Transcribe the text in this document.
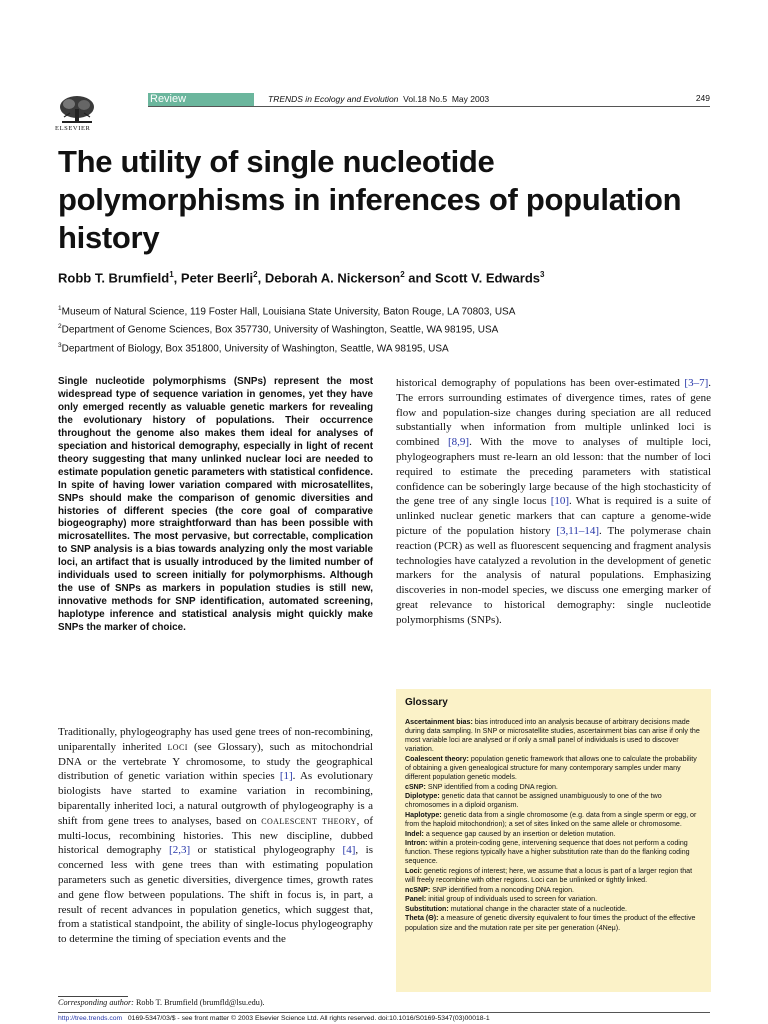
ELSEVIER
Review	TRENDS in Ecology and Evolution Vol.18 No.5 May 2003	249
The utility of single nucleotide polymorphisms in inferences of population history
Robb T. Brumfield$^1$, Peter Beerli$^2$, Deborah A. Nickerson$^2$ and Scott V. Edwards$^3$
$^1$Museum of Natural Science, 119 Foster Hall, Louisiana State University, Baton Rouge, LA 70803, USA
$^2$Department of Genome Sciences, Box 357730, University of Washington, Seattle, WA 98195, USA
$^3$Department of Biology, Box 351800, University of Washington, Seattle, WA 98195, USA

Single nucleotide polymorphisms (SNPs) represent the most widespread type of sequence variation in genomes, yet they have only emerged recently as valuable genetic markers for revealing the evolutionary history of populations. Their occurrence throughout the genome also makes them ideal for analyses of speciation and historical demography, especially in light of recent theory suggesting that many unlinked nuclear loci are needed to estimate population genetic parameters with statistical confidence. In spite of having lower variation compared with microsatellites, SNPs should make the comparison of genomic diversities and histories of different species (the core goal of comparative biogeography) more straightforward than has been possible with microsatellites. The most pervasive, but correctable, complication to SNP analysis is a bias towards analyzing only the most variable loci, an artifact that is usually introduced by the limited number of individuals used to screen initially for polymorphisms. Although the use of SNPs as markers in population studies is still new, innovative methods for SNP identification, automated screening, haplotype inference and statistical analysis might quickly make SNPs the marker of choice.

Traditionally, phylogeography has used gene trees of non-recombining, uniparentally inherited loci (see Glossary), such as mitochondrial DNA or the vertebrate Y chromosome, to study the geographical distribution of genetic variation within species [1]. As evolutionary biologists have started to examine variation in recombining, biparentally inherited loci, a natural outgrowth of phylogeography is a shift from gene trees to analyses, based on coalescent theory, of multi-locus, recombining histories. This new discipline, dubbed historical demography [2,3] or statistical phylogeography [4], is concerned less with gene trees than with estimating population parameters such as genetic diversities, divergence times, growth rates and gene flow between populations. The shift in focus is, in part, a result of recent advances in population genetics, which suggest that, from a statistical standpoint, the ability of single-locus phylogeography to determine the timing of speciation events and the

historical demography of populations has been over-estimated [3–7]. The errors surrounding estimates of divergence times, rates of gene flow and population-size changes during speciation are all reduced substantially when information from multiple unlinked loci is combined [8,9]. With the move to analyses of multiple loci, phylogeographers must re-learn an old lesson: that the number of loci required to estimate the preceding parameters with statistical confidence can be soberingly large because of the high stochasticity of the gene tree of any single locus [10]. What is required is a suite of unlinked nuclear genetic markers that can capture a genome-wide picture of the population history [3,11–14]. The polymerase chain reaction (PCR) as well as fluorescent sequencing and fragment analysis technologies have catalyzed a revolution in the development of genetic markers for the analysis of natural populations. Emphasizing discoveries in non-model species, we discuss one emerging marker of great relevance to historical demography: single nucleotide polymorphisms (SNPs).

Glossary
Ascertainment bias: bias introduced into an analysis because of arbitrary decisions made during data sampling. In SNP or microsatellite studies, ascertainment bias can arise if only the most variable loci are analysed or if only a small panel of individuals is used to discover variation.
Coalescent theory: population genetic framework that allows one to calculate the probability of obtaining a given genealogical structure for many contemporary samples under many different population genetic models.
cSNP: SNP identified from a coding DNA region.
Diplotype: genetic data that cannot be assigned unambiguously to one of the two chromosomes in a diploid organism.
Haplotype: genetic data from a single chromosome (e.g. data from a single sperm or egg, or from the haploid mitochondrion); a set of sites linked on the same allele or chromosome.
Indel: a sequence gap caused by an insertion or deletion mutation.
Intron: within a protein-coding gene, intervening sequence that does not perform a coding function. These regions typically have a higher substitution rate than do the flanking coding sequence.
Loci: genetic regions of interest; here, we assume that a locus is part of a larger region that will freely recombine with other regions. Loci can be unlinked or tightly linked.
ncSNP: SNP identified from a noncoding DNA region.
Panel: initial group of individuals used to screen for variation.
Substitution: mutational change in the character state of a nucleotide.
Theta (Θ): a measure of genetic diversity equivalent to four times the product of the effective population size and the mutation rate per site per generation (4Neμ).
Corresponding author: Robb T. Brumfield (brumfld@lsu.edu).
http://tree.trends.com 0169-5347/03/$ - see front matter © 2003 Elsevier Science Ltd. All rights reserved. doi:10.1016/S0169-5347(03)00018-1
